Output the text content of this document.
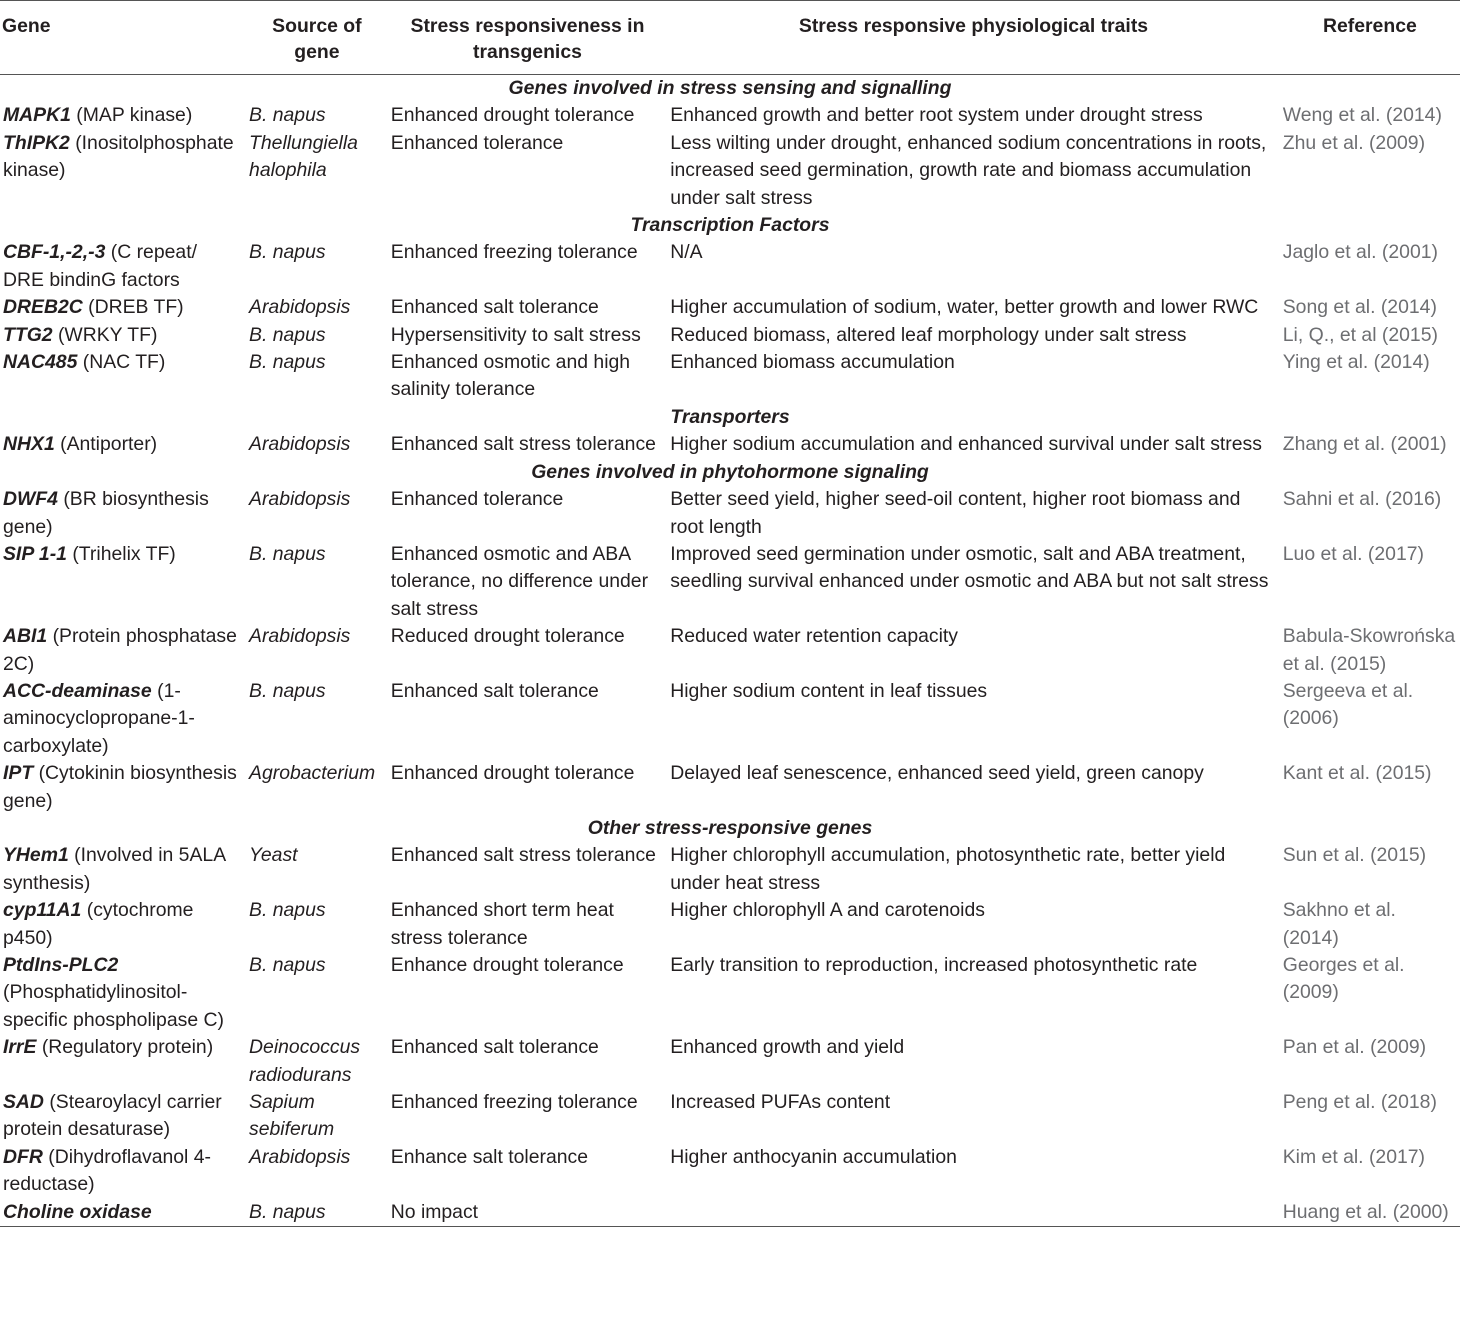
Gene	Source of gene	Stress responsiveness in transgenics	Stress responsive physiological traits	Reference
Genes involved in stress sensing and signalling				
MAPK1 (MAP kinase)	B. napus	Enhanced drought tolerance	Enhanced growth and better root system under drought stress	Weng et al. (2014)
ThIPK2 (Inositolphosphate kinase)	Thellungiella halophila	Enhanced tolerance	Less wilting under drought, enhanced sodium concentrations in roots, increased seed germination, growth rate and biomass accumulation under salt stress	Zhu et al. (2009)
Transcription Factors				
CBF-1,-2,-3 (C repeat/ DRE bindinG factors	B. napus	Enhanced freezing tolerance	N/A	Jaglo et al. (2001)
DREB2C (DREB TF)	Arabidopsis	Enhanced salt tolerance	Higher accumulation of sodium, water, better growth and lower RWC	Song et al. (2014)
TTG2 (WRKY TF)	B. napus	Hypersensitivity to salt stress	Reduced biomass, altered leaf morphology under salt stress	Li, Q., et al (2015)
NAC485 (NAC TF)	B. napus	Enhanced osmotic and high salinity tolerance	Enhanced biomass accumulation	Ying et al. (2014)
Transporters				
NHX1 (Antiporter)	Arabidopsis	Enhanced salt stress tolerance	Higher sodium accumulation and enhanced survival under salt stress	Zhang et al. (2001)
Genes involved in phytohormone signaling				
DWF4 (BR biosynthesis gene)	Arabidopsis	Enhanced tolerance	Better seed yield, higher seed-oil content, higher root biomass and root length	Sahni et al. (2016)
SIP 1-1 (Trihelix TF)	B. napus	Enhanced osmotic and ABA tolerance, no difference under salt stress	Improved seed germination under osmotic, salt and ABA treatment, seedling survival enhanced under osmotic and ABA but not salt stress	Luo et al. (2017)
ABI1 (Protein phosphatase 2C)	Arabidopsis	Reduced drought tolerance	Reduced water retention capacity	Babula-Skowrońska et al. (2015)
ACC-deaminase (1-aminocyclopropane-1-carboxylate)	B. napus	Enhanced salt tolerance	Higher sodium content in leaf tissues	Sergeeva et al. (2006)
IPT (Cytokinin biosynthesis gene)	Agrobacterium	Enhanced drought tolerance	Delayed leaf senescence, enhanced seed yield, green canopy	Kant et al. (2015)
Other stress-responsive genes				
YHem1 (Involved in 5ALA synthesis)	Yeast	Enhanced salt stress tolerance	Higher chlorophyll accumulation, photosynthetic rate, better yield under heat stress	Sun et al. (2015)
cyp11A1 (cytochrome p450)	B. napus	Enhanced short term heat stress tolerance	Higher chlorophyll A and carotenoids	Sakhno et al. (2014)
PtdIns-PLC2 (Phosphatidylinositol-specific phospholipase C)	B. napus	Enhance drought tolerance	Early transition to reproduction, increased photosynthetic rate	Georges et al. (2009)
IrrE (Regulatory protein)	Deinococcus radiodurans	Enhanced salt tolerance	Enhanced growth and yield	Pan et al. (2009)
SAD (Stearoylacyl carrier protein desaturase)	Sapium sebiferum	Enhanced freezing tolerance	Increased PUFAs content	Peng et al. (2018)
DFR (Dihydroflavanol 4-reductase)	Arabidopsis	Enhance salt tolerance	Higher anthocyanin accumulation	Kim et al. (2017)
Choline oxidase	B. napus	No impact		Huang et al. (2000)
